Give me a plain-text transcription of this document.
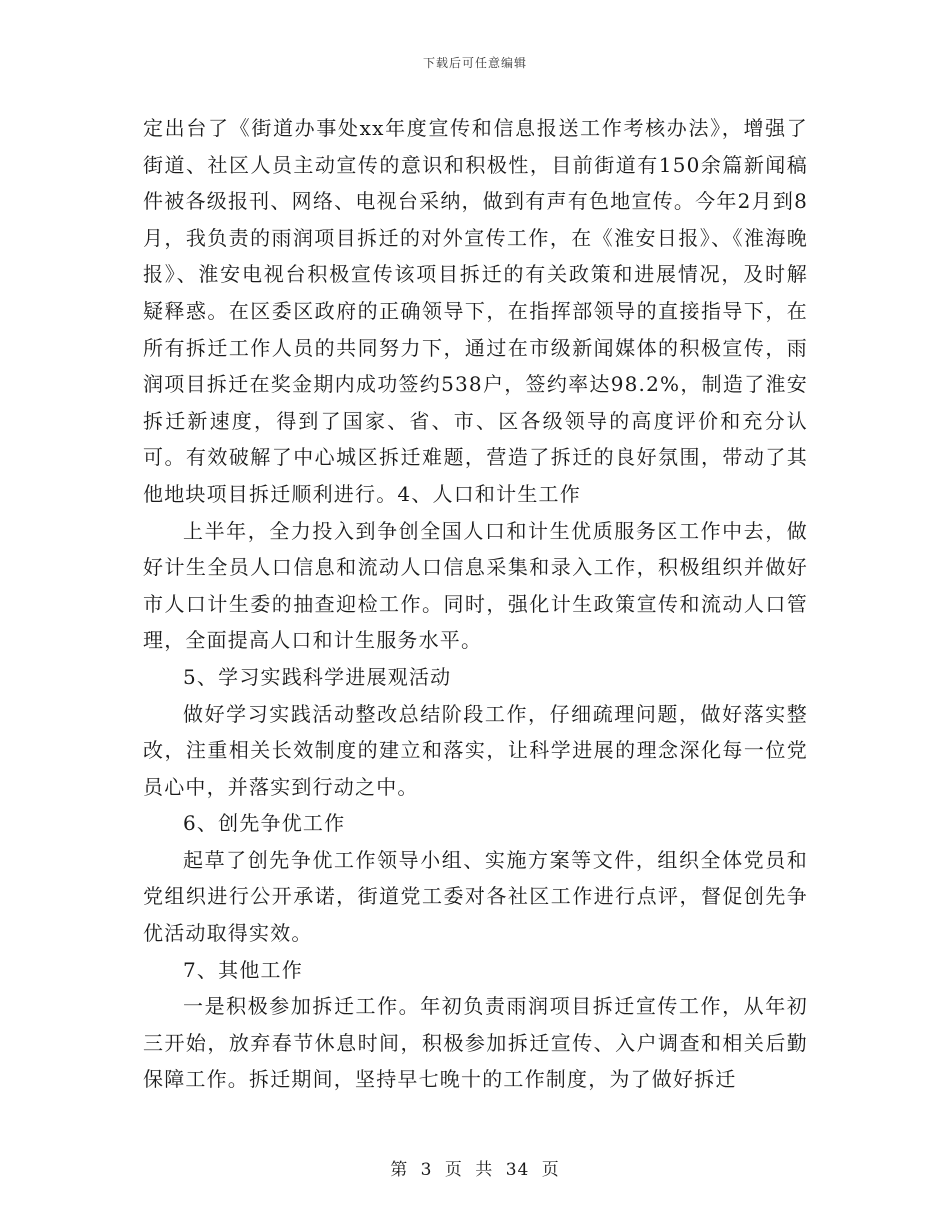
下载后可任意编辑

定出台了《街道办事处xx年度宣传和信息报送工作考核办法》，增强了街道、社区人员主动宣传的意识和积极性，目前街道有150余篇新闻稿件被各级报刊、网络、电视台采纳，做到有声有色地宣传。今年2月到8月，我负责的雨润项目拆迁的对外宣传工作，在《淮安日报》、《淮海晚报》、淮安电视台积极宣传该项目拆迁的有关政策和进展情况，及时解疑释惑。在区委区政府的正确领导下，在指挥部领导的直接指导下，在所有拆迁工作人员的共同努力下，通过在市级新闻媒体的积极宣传，雨润项目拆迁在奖金期内成功签约538户，签约率达98.2%，制造了淮安拆迁新速度，得到了国家、省、市、区各级领导的高度评价和充分认可。有效破解了中心城区拆迁难题，营造了拆迁的良好氛围，带动了其他地块项目拆迁顺利进行。4、人口和计生工作

上半年，全力投入到争创全国人口和计生优质服务区工作中去，做好计生全员人口信息和流动人口信息采集和录入工作，积极组织并做好市人口计生委的抽查迎检工作。同时，强化计生政策宣传和流动人口管理，全面提高人口和计生服务水平。

5、学习实践科学进展观活动

做好学习实践活动整改总结阶段工作，仔细疏理问题，做好落实整改，注重相关长效制度的建立和落实，让科学进展的理念深化每一位党员心中，并落实到行动之中。

6、创先争优工作

起草了创先争优工作领导小组、实施方案等文件，组织全体党员和党组织进行公开承诺，街道党工委对各社区工作进行点评，督促创先争优活动取得实效。

7、其他工作

一是积极参加拆迁工作。年初负责雨润项目拆迁宣传工作，从年初三开始，放弃春节休息时间，积极参加拆迁宣传、入户调查和相关后勤保障工作。拆迁期间，坚持早七晚十的工作制度，为了做好拆迁

第 3 页 共 34 页
